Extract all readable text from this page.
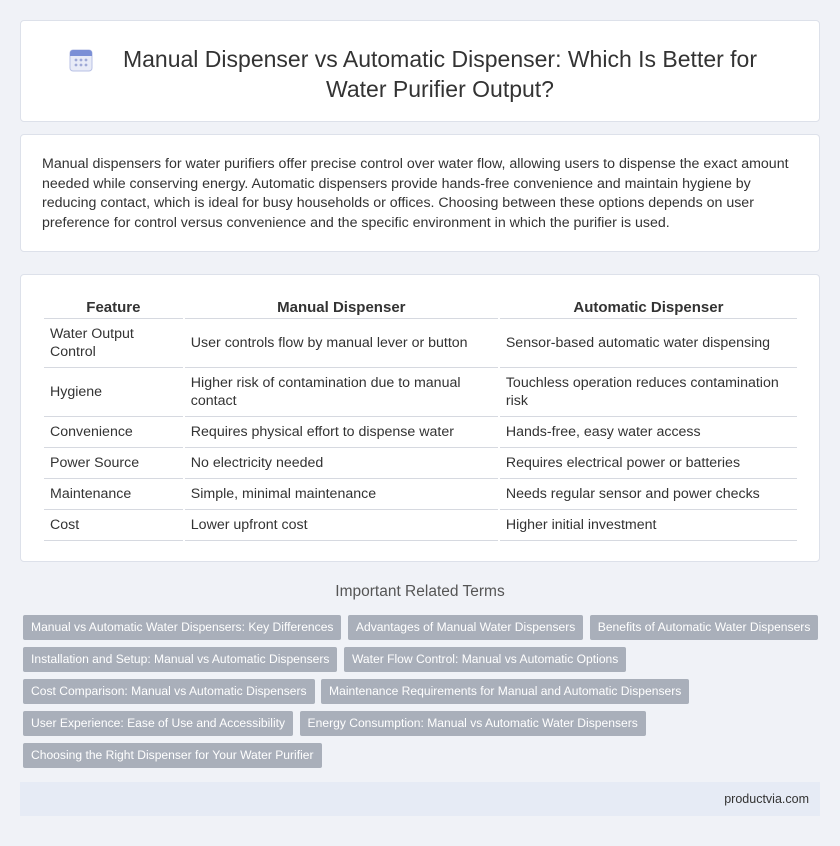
Manual Dispenser vs Automatic Dispenser: Which Is Better for Water Purifier Output?

Manual dispensers for water purifiers offer precise control over water flow, allowing users to dispense the exact amount needed while conserving energy. Automatic dispensers provide hands-free convenience and maintain hygiene by reducing contact, which is ideal for busy households or offices. Choosing between these options depends on user preference for control versus convenience and the specific environment in which the purifier is used.

Feature	Manual Dispenser	Automatic Dispenser
Water Output Control	User controls flow by manual lever or button	Sensor-based automatic water dispensing
Hygiene	Higher risk of contamination due to manual contact	Touchless operation reduces contamination risk
Convenience	Requires physical effort to dispense water	Hands-free, easy water access
Power Source	No electricity needed	Requires electrical power or batteries
Maintenance	Simple, minimal maintenance	Needs regular sensor and power checks
Cost	Lower upfront cost	Higher initial investment
Important Related Terms
Manual vs Automatic Water Dispensers: Key Differences Advantages of Manual Water Dispensers Benefits of Automatic Water Dispensers
Installation and Setup: Manual vs Automatic Dispensers Water Flow Control: Manual vs Automatic Options
Cost Comparison: Manual vs Automatic Dispensers Maintenance Requirements for Manual and Automatic Dispensers
User Experience: Ease of Use and Accessibility Energy Consumption: Manual vs Automatic Water Dispensers
Choosing the Right Dispenser for Your Water Purifier
productvia.com
